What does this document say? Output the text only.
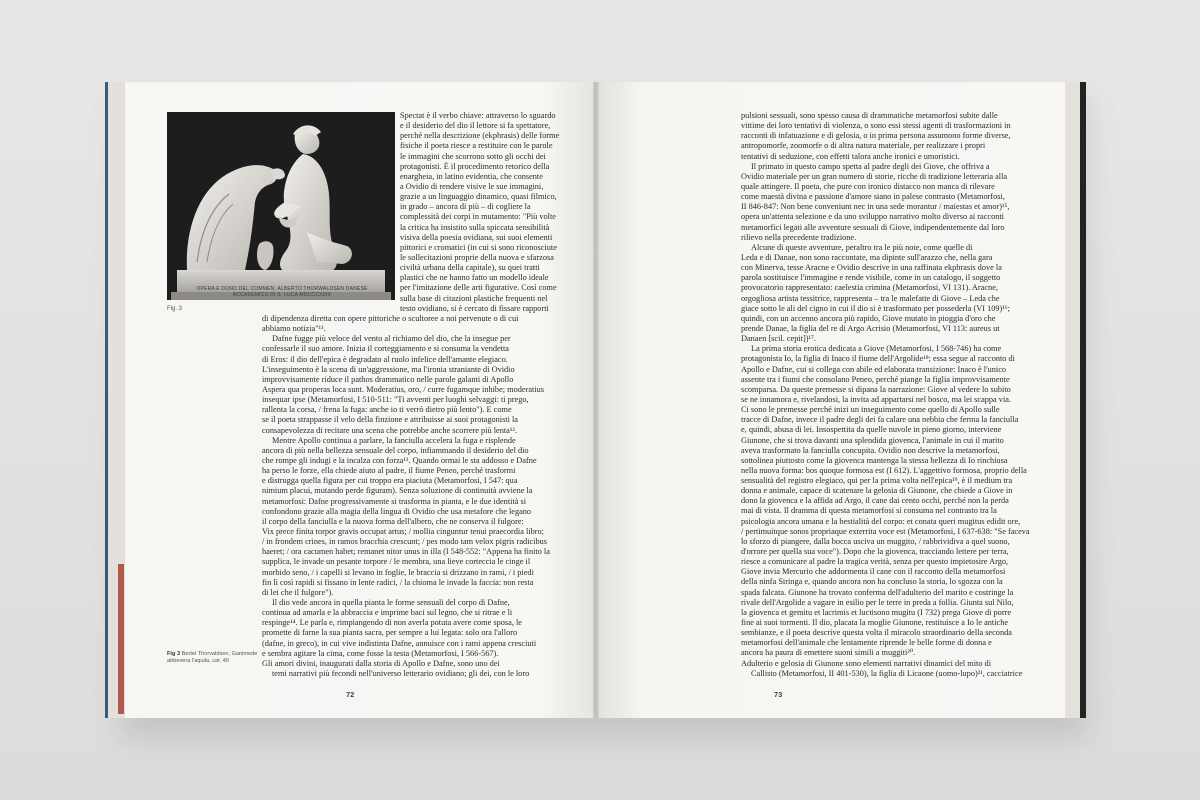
OPERA E DONO DEL COMMEN. ALBERTO THORWALDSEN DANESE ACCADEMICO DI S. LUCA MDCCCXXIV
Fig. 3
Fig 3 Bertel Thorvaldsen, Ganimede abbevera l'aquila, cat. 40
Spectat è il verbo chiave: attraverso lo sguardo
e il desiderio del dio il lettore si fa spettatore,
perché nella descrizione (ekphrasis) delle forme
fisiche il poeta riesce a restituire con le parole
le immagini che scorrono sotto gli occhi dei
protagonisti. È il procedimento retorico della
enargheia, in latino evidentia, che consente
a Ovidio di rendere visive le sue immagini,
grazie a un linguaggio dinamico, quasi filmico,
in grado – ancora di più – di cogliere la
complessità dei corpi in mutamento: "Più volte
la critica ha insistito sulla spiccata sensibilità
visiva della poesia ovidiana, sui suoi elementi
pittorici e cromatici (in cui si sono riconosciute
le sollecitazioni proprie della nuova e sfarzosa
civiltà urbana della capitale), su quei tratti
plastici che ne hanno fatto un modello ideale
per l'imitazione delle arti figurative. Così come
sulla base di citazioni plastiche frequenti nel
testo ovidiano, si è cercato di fissare rapporti
di dipendenza diretta con opere pittoriche o scultoree a noi pervenute o di cui
abbiamo notizia"¹¹.
Dafne fugge più veloce del vento al richiamo del dio, che la insegue per
confessarle il suo amore. Inizia il corteggiamento e si consuma la vendetta
di Eros: il dio dell'epica è degradato al ruolo infelice dell'amante elegiaco.
L'inseguimento è la scena di un'aggressione, ma l'ironia straniante di Ovidio
improvvisamente riduce il pathos drammatico nelle parole galanti di Apollo
Aspera qua properas loca sunt. Moderatius, oro, / curre fugamque inhibe; moderatius
insequar ipse (Metamorfosi, I 510-511: "Ti avventi per luoghi selvaggi: ti prego,
rallenta la corsa, / frena la fuga: anche io ti verrò dietro più lento"). E come
se il poeta strappasse il velo della finzione e attribuisse ai suoi protagonisti la
consapevolezza di recitare una scena che potrebbe anche scorrere più lenta¹².
Mentre Apollo continua a parlare, la fanciulla accelera la fuga e risplende
ancora di più nella bellezza sensuale del corpo, infiammando il desiderio del dio
che rompe gli indugi e la incalza con forza¹³. Quando ormai le sta addosso e Dafne
ha perso le forze, ella chiede aiuto al padre, il fiume Peneo, perché trasformi
e distrugga quella figura per cui troppo era piaciuta (Metamorfosi, I 547: qua
nimium placui, mutando perde figuram). Senza soluzione di continuità avviene la
metamorfosi: Dafne progressivamente si trasforma in pianta, e le due identità si
confondono grazie alla magia della lingua di Ovidio che usa metafore che legano
il corpo della fanciulla e la nuova forma dell'albero, che ne conserva il fulgore:
Vix prece finita torpor gravis occupat artus; / mollia cinguntur tenui praecordia libro;
/ in frondem crines, in ramos bracchia crescunt; / pes modo tam velox pigris radicibus
haeret; / ora cacumen habet; remanet nitor unus in illa (I 548-552: "Appena ha finito la
supplica, le invade un pesante torpore / le membra, una lieve corteccia le cinge il
morbido seno, / i capelli si levano in foglie, le braccia si drizzano in rami, / i piedi
fin lì così rapidi si fissano in lente radici, / la chioma le invade la faccia: non resta
di lei che il fulgore").
Il dio vede ancora in quella pianta le forme sensuali del corpo di Dafne,
continua ad amarla e la abbraccia e imprime baci sul legno, che si ritrae e li
respinge¹⁴. Le parla e, rimpiangendo di non averla potuta avere come sposa, le
promette di farne la sua pianta sacra, per sempre a lui legata: solo ora l'alloro
(dafne, in greco), in cui vive indistinta Dafne, annuisce con i rami appena cresciuti
e sembra agitare la cima, come fosse la testa (Metamorfosi, I 566-567).
Gli amori divini, inaugurati dalla storia di Apollo e Dafne, sono uno dei
temi narrativi più fecondi nell'universo letterario ovidiano; gli dei, con le loro
pulsioni sessuali, sono spesso causa di drammatiche metamorfosi subite dalle
vittime dei loro tentativi di violenza, o sono essi stessi agenti di trasformazioni in
racconti di infatuazione e di gelosia, o in prima persona assumono forme diverse,
antropomorfe, zoomorfe o di altra natura materiale, per realizzare i propri
tentativi di seduzione, con effetti talora anche ironici e umoristici.
Il primato in questo campo spetta al padre degli dei Giove, che offriva a
Ovidio materiale per un gran numero di storie, ricche di tradizione letteraria alla
quale attingere. Il poeta, che pure con ironico distacco non manca di rilevare
come maestà divina e passione d'amore siano in palese contrasto (Metamorfosi,
II 846-847: Non bene conveniunt nec in una sede morantur / maiestas et amor)¹⁵,
opera un'attenta selezione e da uno sviluppo narrativo molto diverso ai racconti
metamorfici legati alle avventure sessuali di Giove, indipendentemente dal loro
rilievo nella precedente tradizione.
Alcune di queste avventure, peraltro tra le più note, come quelle di
Leda e di Danae, non sono raccontate, ma dipinte sull'arazzo che, nella gara
con Minerva, tesse Aracne e Ovidio descrive in una raffinata ekphrasis dove la
parola sostituisce l'immagine e rende visibile, come in un catalogo, il soggetto
provocatorio rappresentato: caelestia crimina (Metamorfosi, VI 131). Aracne,
orgogliosa artista tessitrice, rappresenta – tra le malefatte di Giove – Leda che
giace sotto le ali del cigno in cui il dio si è trasformato per possederla (VI 109)¹⁶;
quindi, con un accenno ancora più rapido, Giove mutato in pioggia d'oro che
prende Danae, la figlia del re di Argo Acrisio (Metamorfosi, VI 113: aureus ut
Danaen [scil. cepit])¹⁷.
La prima storia erotica dedicata a Giove (Metamorfosi, I 568-746) ha come
protagonista Io, la figlia di Inaco il fiume dell'Argolide¹⁸; essa segue al racconto di
Apollo e Dafne, cui si collega con abile ed elaborata transizione: Inaco è l'unico
assente tra i fiumi che consolano Peneo, perché piange la figlia improvvisamente
scomparsa. Da queste premesse si dipana la narrazione: Giove al vedere lo subito
se ne innamora e, rivelandosi, la invita ad appartarsi nel bosco, ma lei scappa via.
Ci sono le premesse perché inizi un inseguimento come quello di Apollo sulle
tracce di Dafne, invece il padre degli dei fa calare una nebbia che ferma la fanciulla
e, quindi, abusa di lei. Insospettita da quelle nuvole in pieno giorno, interviene
Giunone, che si trova davanti una splendida giovenca, l'animale in cui il marito
aveva trasformato la fanciulla concupita. Ovidio non descrive la metamorfosi,
sottolinea piuttosto come la giovenca mantenga la stessa bellezza di Io rinchiusa
nella nuova forma: bos quoque formosa est (I 612). L'aggettivo formosa, proprio della
sensualità del registro elegiaco, qui per la prima volta nell'epica¹⁹, è il medium tra
donna e animale, capace di scatenare la gelosia di Giunone, che chiede a Giove in
dono la giovenca e la affida ad Argo, il cane dai cento occhi, perché non la perda
mai di vista. Il dramma di questa metamorfosi si consuma nel contrasto tra la
psicologia ancora umana e la bestialità del corpo: et conata queri mugitus edidit ore,
/ pertimuitque sonos propriaque exterrita voce est (Metamorfosi, I 637-638: "Se faceva
lo sforzo di piangere, dalla bocca usciva un muggito, / rabbrividiva a quel suono,
d'orrore per quella sua voce"). Dopo che la giovenca, tracciando lettere per terra,
riesce a comunicare al padre la tragica verità, senza per questo impietosire Argo,
Giove invia Mercurio che addormenta il cane con il racconto della metamorfosi
della ninfa Siringa e, quando ancora non ha concluso la storia, lo sgozza con la
spada falcata. Giunone ha trovato conferma dell'adulterio del marito e costringe la
rivale dell'Argolide a vagare in esilio per le terre in preda a follia. Giunta sul Nilo,
la giovenca et gemitu et lacrimis et luctisono mugitu (I 732) prega Giove di porre
fine ai suoi tormenti. Il dio, placata la moglie Giunone, restituisce a Io le antiche
sembianze, e il poeta descrive questa volta il miracolo straordinario della seconda
metamorfosi dell'animale che lentamente riprende le belle forme di donna e
ancora ha paura di emettere suoni simili a muggiti²⁰.
Adulterio e gelosia di Giunone sono elementi narrativi dinamici del mito di
Callisto (Metamorfosi, II 401-530), la figlia di Licaone (uomo-lupo)²¹, cacciatrice
72	73
